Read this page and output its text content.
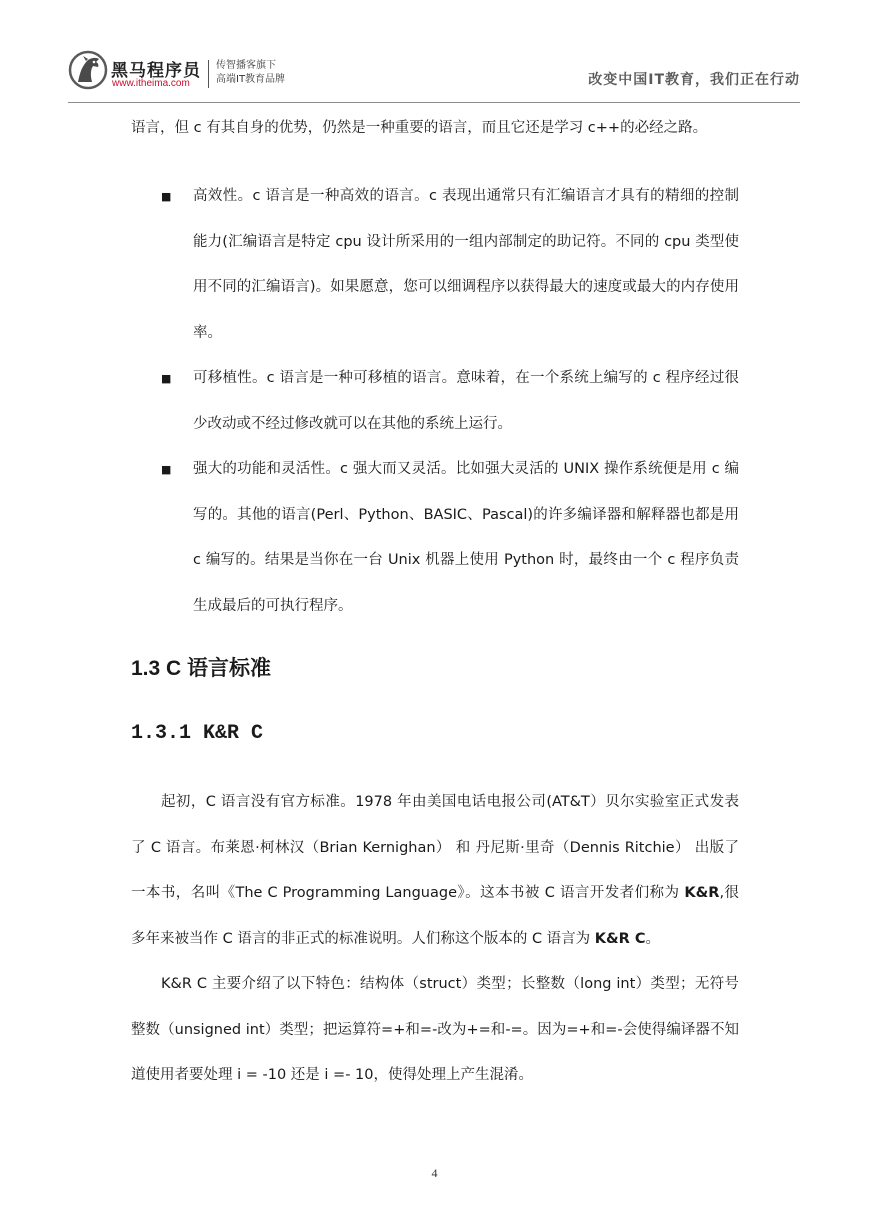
黑马程序员
www.itheima.com
传智播客旗下
高端IT教育品牌	改变中国IT教育，我们正在行动

语言，但 c 有其自身的优势，仍然是一种重要的语言，而且它还是学习 c++的必经之路。

■ 高效性。c 语言是一种高效的语言。c 表现出通常只有汇编语言才具有的精细的控制能力(汇编语言是特定 cpu 设计所采用的一组内部制定的助记符。不同的 cpu 类型使用不同的汇编语言)。如果愿意，您可以细调程序以获得最大的速度或最大的内存使用率。

■ 可移植性。c 语言是一种可移植的语言。意味着，在一个系统上编写的 c 程序经过很少改动或不经过修改就可以在其他的系统上运行。

■ 强大的功能和灵活性。c 强大而又灵活。比如强大灵活的 UNIX 操作系统便是用 c 编写的。其他的语言(Perl、Python、BASIC、Pascal)的许多编译器和解释器也都是用 c 编写的。结果是当你在一台 Unix 机器上使用 Python 时，最终由一个 c 程序负责生成最后的可执行程序。

1.3 C 语言标准
1.3.1 K&R C

起初，C 语言没有官方标准。1978 年由美国电话电报公司(AT&T）贝尔实验室正式发表了 C 语言。布莱恩·柯林汉（Brian Kernighan） 和 丹尼斯·里奇（Dennis Ritchie） 出版了一本书，名叫《The C Programming Language》。这本书被 C 语言开发者们称为 K&R,很多年来被当作 C 语言的非正式的标准说明。人们称这个版本的 C 语言为 K&R C。

K&R C 主要介绍了以下特色：结构体（struct）类型；长整数（long int）类型；无符号整数（unsigned int）类型；把运算符=+和=-改为+=和-=。因为=+和=-会使得编译器不知道使用者要处理 i = -10 还是 i =- 10，使得处理上产生混淆。

4
